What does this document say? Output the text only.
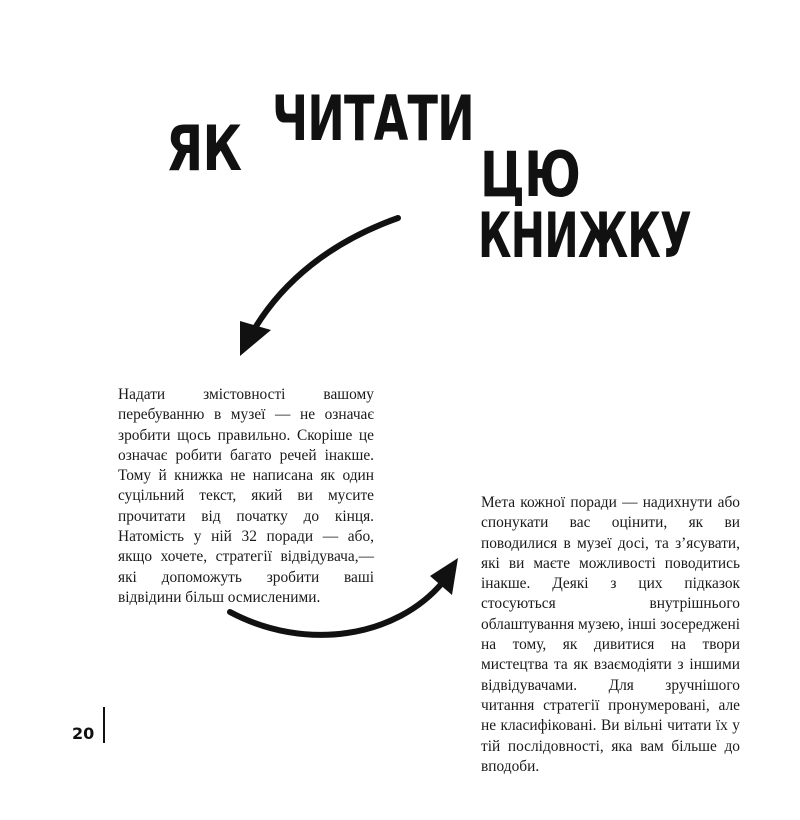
ЯК ЧИТАТИ
ЦЮ
КНИЖКУ
Надати змістовності вашому перебуванню в музеї — не означає зробити щось правильно. Скоріше це означає робити багато речей інакше. Тому й книжка не написана як один суцільний текст, який ви мусите прочитати від початку до кінця. Натомість у ній 32 поради — або, якщо хочете, стратегії відвідувача,— які допоможуть зробити ваші відвідини більш осмисленими.
Мета кожної поради — надихнути або спонукати вас оцінити, як ви поводилися в музеї досі, та з’ясувати, які ви маєте можливості поводитись інакше. Деякі з цих підказок стосуються внутрішнього облаштування музею, інші зосереджені на тому, як дивитися на твори мистецтва та як взаємодіяти з іншими відвідувачами. Для зручнішого читання стратегії пронумеровані, але не класифіковані. Ви вільні читати їх у тій послідовності, яка вам більше до вподоби.
20
